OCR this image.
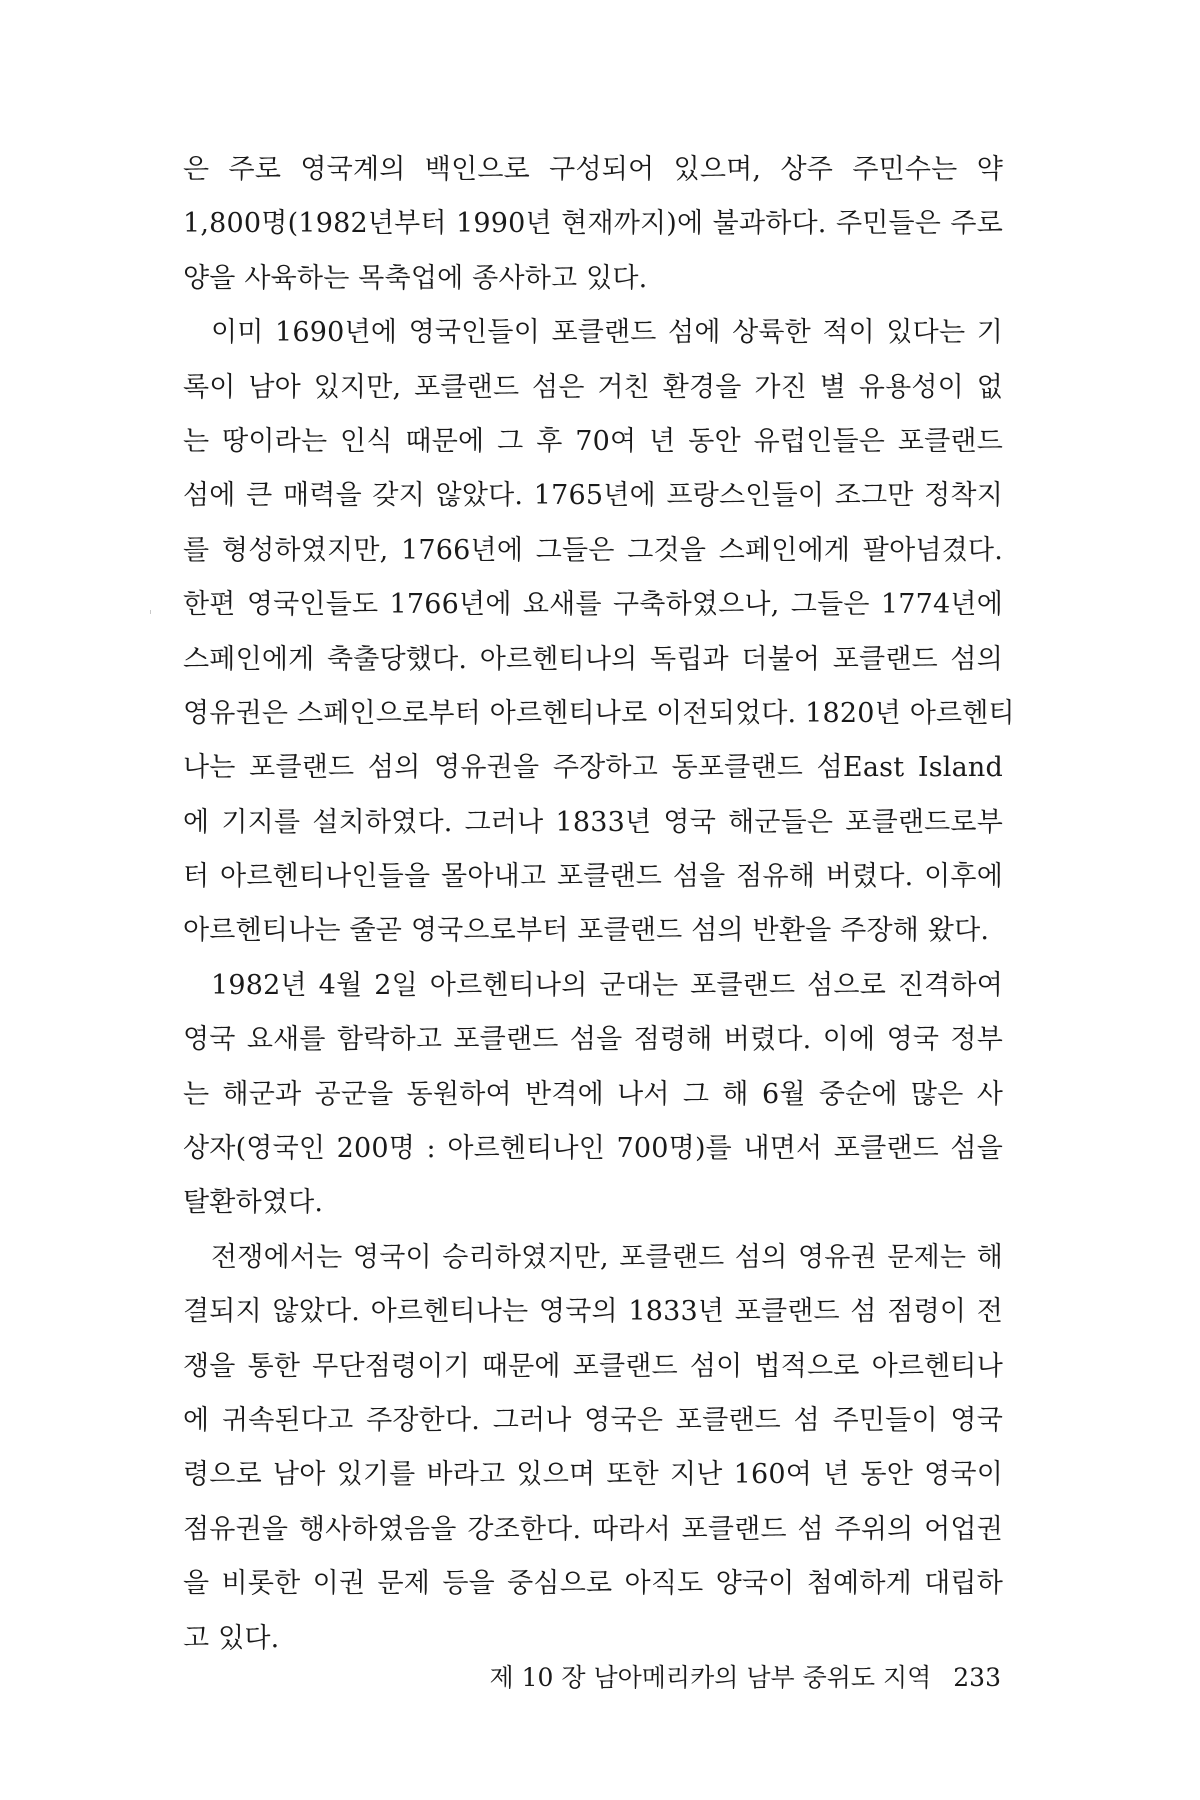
은 주로 영국계의 백인으로 구성되어 있으며, 상주 주민수는 약
1,800명(1982년부터 1990년 현재까지)에 불과하다. 주민들은 주로
양을 사육하는 목축업에 종사하고 있다.
이미 1690년에 영국인들이 포클랜드 섬에 상륙한 적이 있다는 기
록이 남아 있지만, 포클랜드 섬은 거친 환경을 가진 별 유용성이 없
는 땅이라는 인식 때문에 그 후 70여 년 동안 유럽인들은 포클랜드
섬에 큰 매력을 갖지 않았다. 1765년에 프랑스인들이 조그만 정착지
를 형성하였지만, 1766년에 그들은 그것을 스페인에게 팔아넘겼다.
한편 영국인들도 1766년에 요새를 구축하였으나, 그들은 1774년에
스페인에게 축출당했다. 아르헨티나의 독립과 더불어 포클랜드 섬의
영유권은 스페인으로부터 아르헨티나로 이전되었다. 1820년 아르헨티
나는 포클랜드 섬의 영유권을 주장하고 동포클랜드 섬East Island
에 기지를 설치하였다. 그러나 1833년 영국 해군들은 포클랜드로부
터 아르헨티나인들을 몰아내고 포클랜드 섬을 점유해 버렸다. 이후에
아르헨티나는 줄곧 영국으로부터 포클랜드 섬의 반환을 주장해 왔다.
1982년 4월 2일 아르헨티나의 군대는 포클랜드 섬으로 진격하여
영국 요새를 함락하고 포클랜드 섬을 점령해 버렸다. 이에 영국 정부
는 해군과 공군을 동원하여 반격에 나서 그 해 6월 중순에 많은 사
상자(영국인 200명 : 아르헨티나인 700명)를 내면서 포클랜드 섬을
탈환하였다.
전쟁에서는 영국이 승리하였지만, 포클랜드 섬의 영유권 문제는 해
결되지 않았다. 아르헨티나는 영국의 1833년 포클랜드 섬 점령이 전
쟁을 통한 무단점령이기 때문에 포클랜드 섬이 법적으로 아르헨티나
에 귀속된다고 주장한다. 그러나 영국은 포클랜드 섬 주민들이 영국
령으로 남아 있기를 바라고 있으며 또한 지난 160여 년 동안 영국이
점유권을 행사하였음을 강조한다. 따라서 포클랜드 섬 주위의 어업권
을 비롯한 이권 문제 등을 중심으로 아직도 양국이 첨예하게 대립하
고 있다.
제 10 장 남아메리카의 남부 중위도 지역 233
